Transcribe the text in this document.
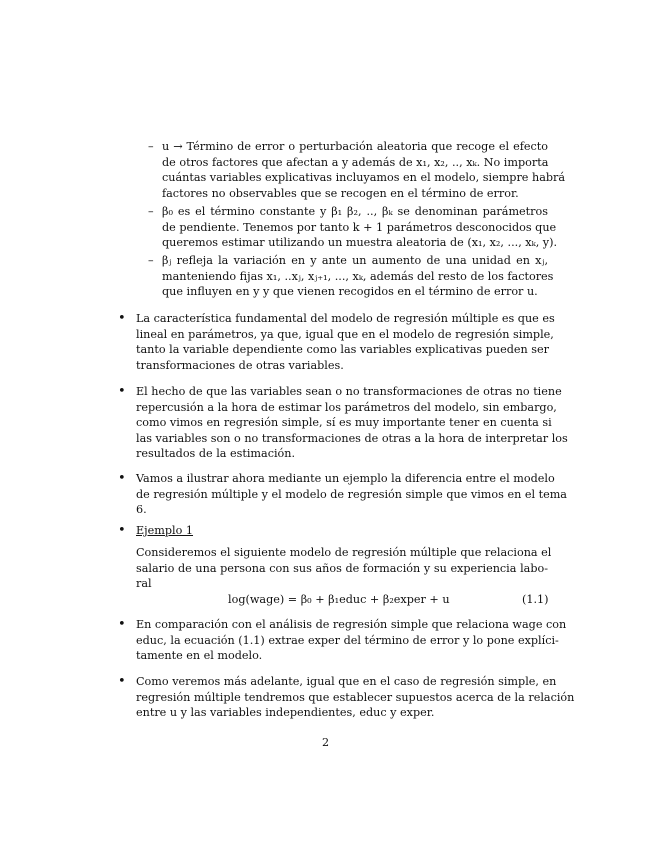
– u → Término de error o perturbación aleatoria que recoge el efecto
de otros factores que afectan a y además de x₁, x₂, .., xₖ. No importa
cuántas variables explicativas incluyamos en el modelo, siempre habrá
factores no observables que se recogen en el término de error.
– β₀ es el término constante y β₁ β₂, .., βₖ se denominan parámetros
de pendiente. Tenemos por tanto k + 1 parámetros desconocidos que
queremos estimar utilizando un muestra aleatoria de (x₁, x₂, ..., xₖ, y).
– βⱼ refleja la variación en y ante un aumento de una unidad en xⱼ,
manteniendo fijas x₁, ..xⱼ, xⱼ₊₁, ..., xₖ, además del resto de los factores
que influyen en y y que vienen recogidos en el término de error u.
• La característica fundamental del modelo de regresión múltiple es que es
lineal en parámetros, ya que, igual que en el modelo de regresión simple,
tanto la variable dependiente como las variables explicativas pueden ser
transformaciones de otras variables.
• El hecho de que las variables sean o no transformaciones de otras no tiene
repercusión a la hora de estimar los parámetros del modelo, sin embargo,
como vimos en regresión simple, sí es muy importante tener en cuenta si
las variables son o no transformaciones de otras a la hora de interpretar los
resultados de la estimación.
• Vamos a ilustrar ahora mediante un ejemplo la diferencia entre el modelo
de regresión múltiple y el modelo de regresión simple que vimos en el tema
6.
• Ejemplo 1
Consideremos el siguiente modelo de regresión múltiple que relaciona el
salario de una persona con sus años de formación y su experiencia labo-
ral
log(wage) = β₀ + β₁educ + β₂exper + u	(1.1)
• En comparación con el análisis de regresión simple que relaciona wage con
educ, la ecuación (1.1) extrae exper del término de error y lo pone explíci-
tamente en el modelo.
• Como veremos más adelante, igual que en el caso de regresión simple, en
regresión múltiple tendremos que establecer supuestos acerca de la relación
entre u y las variables independientes, educ y exper.
2
